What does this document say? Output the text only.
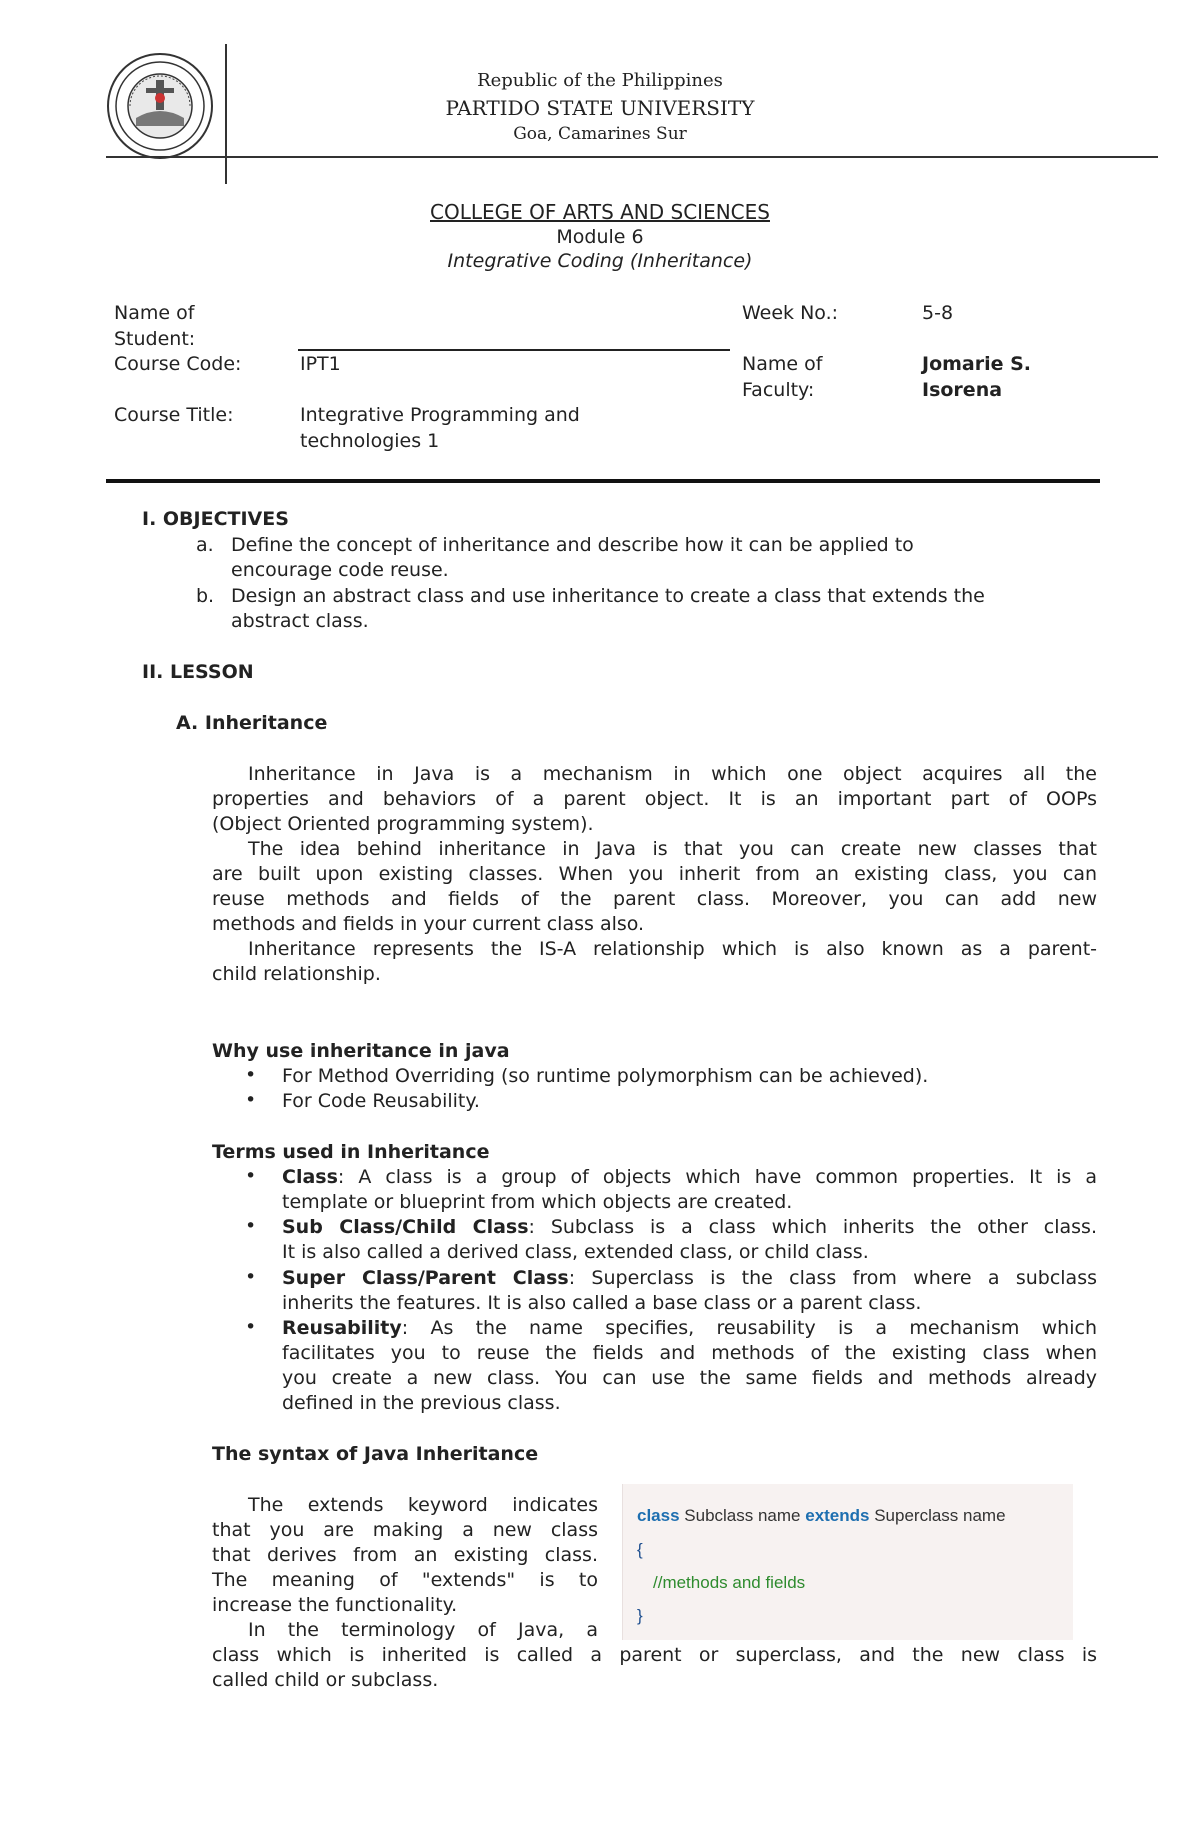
Republic of the Philippines
PARTIDO STATE UNIVERSITY
Goa, Camarines Sur
COLLEGE OF ARTS AND SCIENCES
Module 6
Integrative Coding (Inheritance)
Name of
Student:
Week No.:	5-8
Course Code:	IPT1	Name of
Faculty:
Jomarie S.
Isorena
Course Title:	Integrative Programming and
technologies 1
I. OBJECTIVES
a. Define the concept of inheritance and describe how it can be applied to
encourage code reuse.
b. Design an abstract class and use inheritance to create a class that extends the
abstract class.
II. LESSON
A. Inheritance
Inheritance in Java is a mechanism in which one object acquires all the
properties and behaviors of a parent object. It is an important part of OOPs
(Object Oriented programming system).
The idea behind inheritance in Java is that you can create new classes that
are built upon existing classes. When you inherit from an existing class, you can
reuse methods and fields of the parent class. Moreover, you can add new
methods and fields in your current class also.
Inheritance represents the IS-A relationship which is also known as a parent-
child relationship.
Why use inheritance in java
• For Method Overriding (so runtime polymorphism can be achieved).
• For Code Reusability.
Terms used in Inheritance
• Class: A class is a group of objects which have common properties. It is a
template or blueprint from which objects are created.
• Sub Class/Child Class: Subclass is a class which inherits the other class.
It is also called a derived class, extended class, or child class.
• Super Class/Parent Class: Superclass is the class from where a subclass
inherits the features. It is also called a base class or a parent class.
• Reusability: As the name specifies, reusability is a mechanism which
facilitates you to reuse the fields and methods of the existing class when
you create a new class. You can use the same fields and methods already
defined in the previous class.
The syntax of Java Inheritance
The extends keyword indicates
that you are making a new class
that derives from an existing class.
The meaning of "extends" is to
increase the functionality.
In the terminology of Java, a
class which is inherited is called a parent or superclass, and the new class is
called child or subclass.
class Subclass name extends Superclass name
{
//methods and fields
}
